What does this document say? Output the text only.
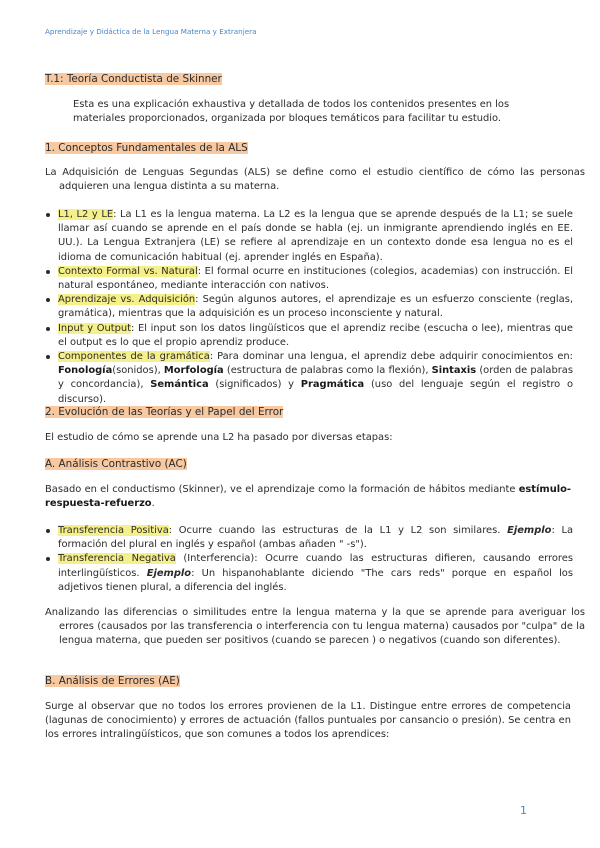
Aprendizaje y Didáctica de la Lengua Materna y Extranjera
T.1: Teoría Conductista de Skinner

Esta es una explicación exhaustiva y detallada de todos los contenidos presentes en los materiales proporcionados, organizada por bloques temáticos para facilitar tu estudio.

1. Conceptos Fundamentales de la ALS

La Adquisición de Lenguas Segundas (ALS) se define como el estudio científico de cómo las personas adquieren una lengua distinta a su materna.

L1, L2 y LE: La L1 es la lengua materna. La L2 es la lengua que se aprende después de la L1; se suele llamar así cuando se aprende en el país donde se habla (ej. un inmigrante aprendiendo inglés en EE. UU.). La Lengua Extranjera (LE) se refiere al aprendizaje en un contexto donde esa lengua no es el idioma de comunicación habitual (ej. aprender inglés en España).
Contexto Formal vs. Natural: El formal ocurre en instituciones (colegios, academias) con instrucción. El natural espontáneo, mediante interacción con nativos.
Aprendizaje vs. Adquisición: Según algunos autores, el aprendizaje es un esfuerzo consciente (reglas, gramática), mientras que la adquisición es un proceso inconsciente y natural.
Input y Output: El input son los datos lingüísticos que el aprendiz recibe (escucha o lee), mientras que el output es lo que el propio aprendiz produce.
Componentes de la gramática: Para dominar una lengua, el aprendiz debe adquirir conocimientos en: Fonología(sonidos), Morfología (estructura de palabras como la flexión), Sintaxis (orden de palabras y concordancia), Semántica (significados) y Pragmática (uso del lenguaje según el registro o discurso).
2. Evolución de las Teorías y el Papel del Error

El estudio de cómo se aprende una L2 ha pasado por diversas etapas:

A. Análisis Contrastivo (AC)

Basado en el conductismo (Skinner), ve el aprendizaje como la formación de hábitos mediante estímulo-respuesta-refuerzo.

Transferencia Positiva: Ocurre cuando las estructuras de la L1 y L2 son similares. Ejemplo: La formación del plural en inglés y español (ambas añaden " -s").
Transferencia Negativa (Interferencia): Ocurre cuando las estructuras difieren, causando errores interlingüísticos. Ejemplo: Un hispanohablante diciendo "The cars reds" porque en español los adjetivos tienen plural, a diferencia del inglés.

Analizando las diferencias o similitudes entre la lengua materna y la que se aprende para averiguar los errores (causados por las transferencia o interferencia con tu lengua materna) causados por "culpa" de la lengua materna, que pueden ser positivos (cuando se parecen ) o negativos (cuando son diferentes).

B. Análisis de Errores (AE)

Surge al observar que no todos los errores provienen de la L1. Distingue entre errores de competencia (lagunas de conocimiento) y errores de actuación (fallos puntuales por cansancio o presión). Se centra en los errores intralingüísticos, que son comunes a todos los aprendices:

1
